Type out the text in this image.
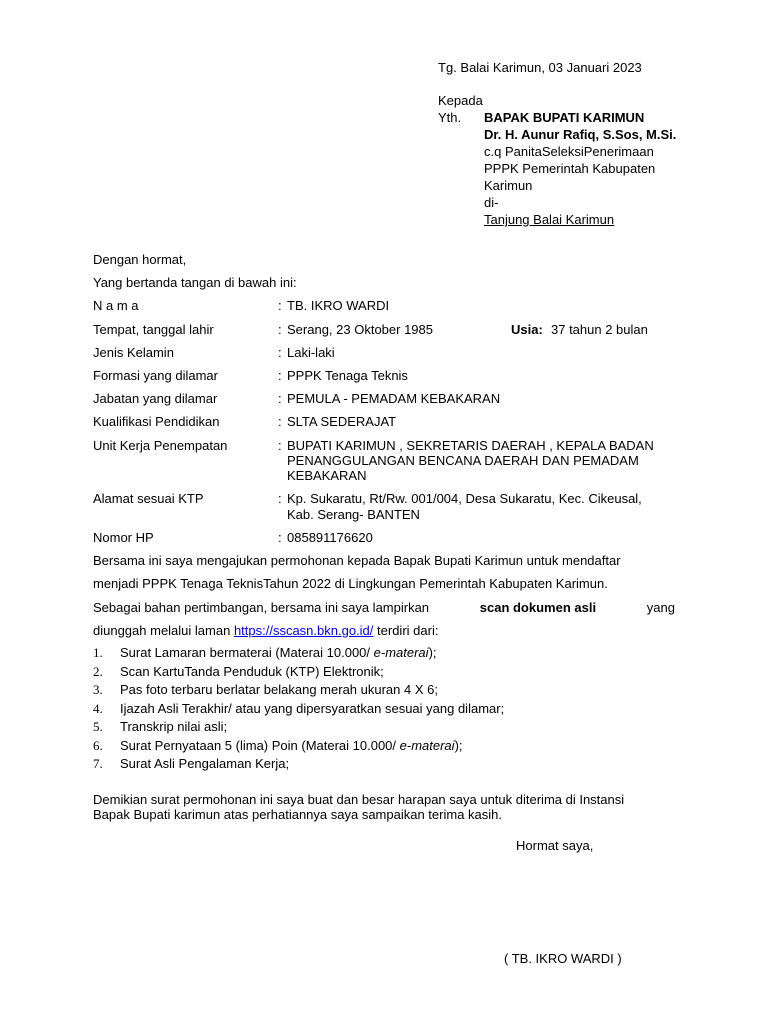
Tg. Balai Karimun, 03 Januari 2023
Kepada
Yth. BAPAK BUPATI KARIMUN
Dr. H. Aunur Rafiq, S.Sos, M.Si.
c.q PanitaSeleksiPenerimaan
PPPK Pemerintah Kabupaten
Karimun
di-
Tanjung Balai Karimun
Dengan hormat,
Yang bertanda tangan di bawah ini:
N a m a	: TB. IKRO WARDI
Tempat, tanggal lahir	: Serang, 23 Oktober 1985	Usia: 37 tahun 2 bulan
Jenis Kelamin	: Laki-laki
Formasi yang dilamar	: PPPK Tenaga Teknis
Jabatan yang dilamar	: PEMULA - PEMADAM KEBAKARAN
Kualifikasi Pendidikan	: SLTA SEDERAJAT
Unit Kerja Penempatan	: BUPATI KARIMUN , SEKRETARIS DAERAH , KEPALA BADAN
PENANGGULANGAN BENCANA DAERAH DAN PEMADAM
KEBAKARAN
Alamat sesuai KTP	: Kp. Sukaratu, Rt/Rw. 001/004, Desa Sukaratu, Kec. Cikeusal,
Kab. Serang- BANTEN
Nomor HP	: 085891176620
Bersama ini saya mengajukan permohonan kepada Bapak Bupati Karimun untuk mendaftar
menjadi PPPK Tenaga TeknisTahun 2022 di Lingkungan Pemerintah Kabupaten Karimun.
Sebagai bahan pertimbangan, bersama ini saya lampirkan	scan dokumen asli	yang
diunggah melalui laman https://sscasn.bkn.go.id/ terdiri dari:
1. Surat Lamaran bermaterai (Materai 10.000/ e-materai);
2. Scan KartuTanda Penduduk (KTP) Elektronik;
3. Pas foto terbaru berlatar belakang merah ukuran 4 X 6;
4. Ijazah Asli Terakhir/ atau yang dipersyaratkan sesuai yang dilamar;
5. Transkrip nilai asli;
6. Surat Pernyataan 5 (lima) Poin (Materai 10.000/ e-materai);
7. Surat Asli Pengalaman Kerja;
Demikian surat permohonan ini saya buat dan besar harapan saya untuk diterima di Instansi
Bapak Bupati karimun atas perhatiannya saya sampaikan terima kasih.
Hormat saya,
( TB. IKRO WARDI )
